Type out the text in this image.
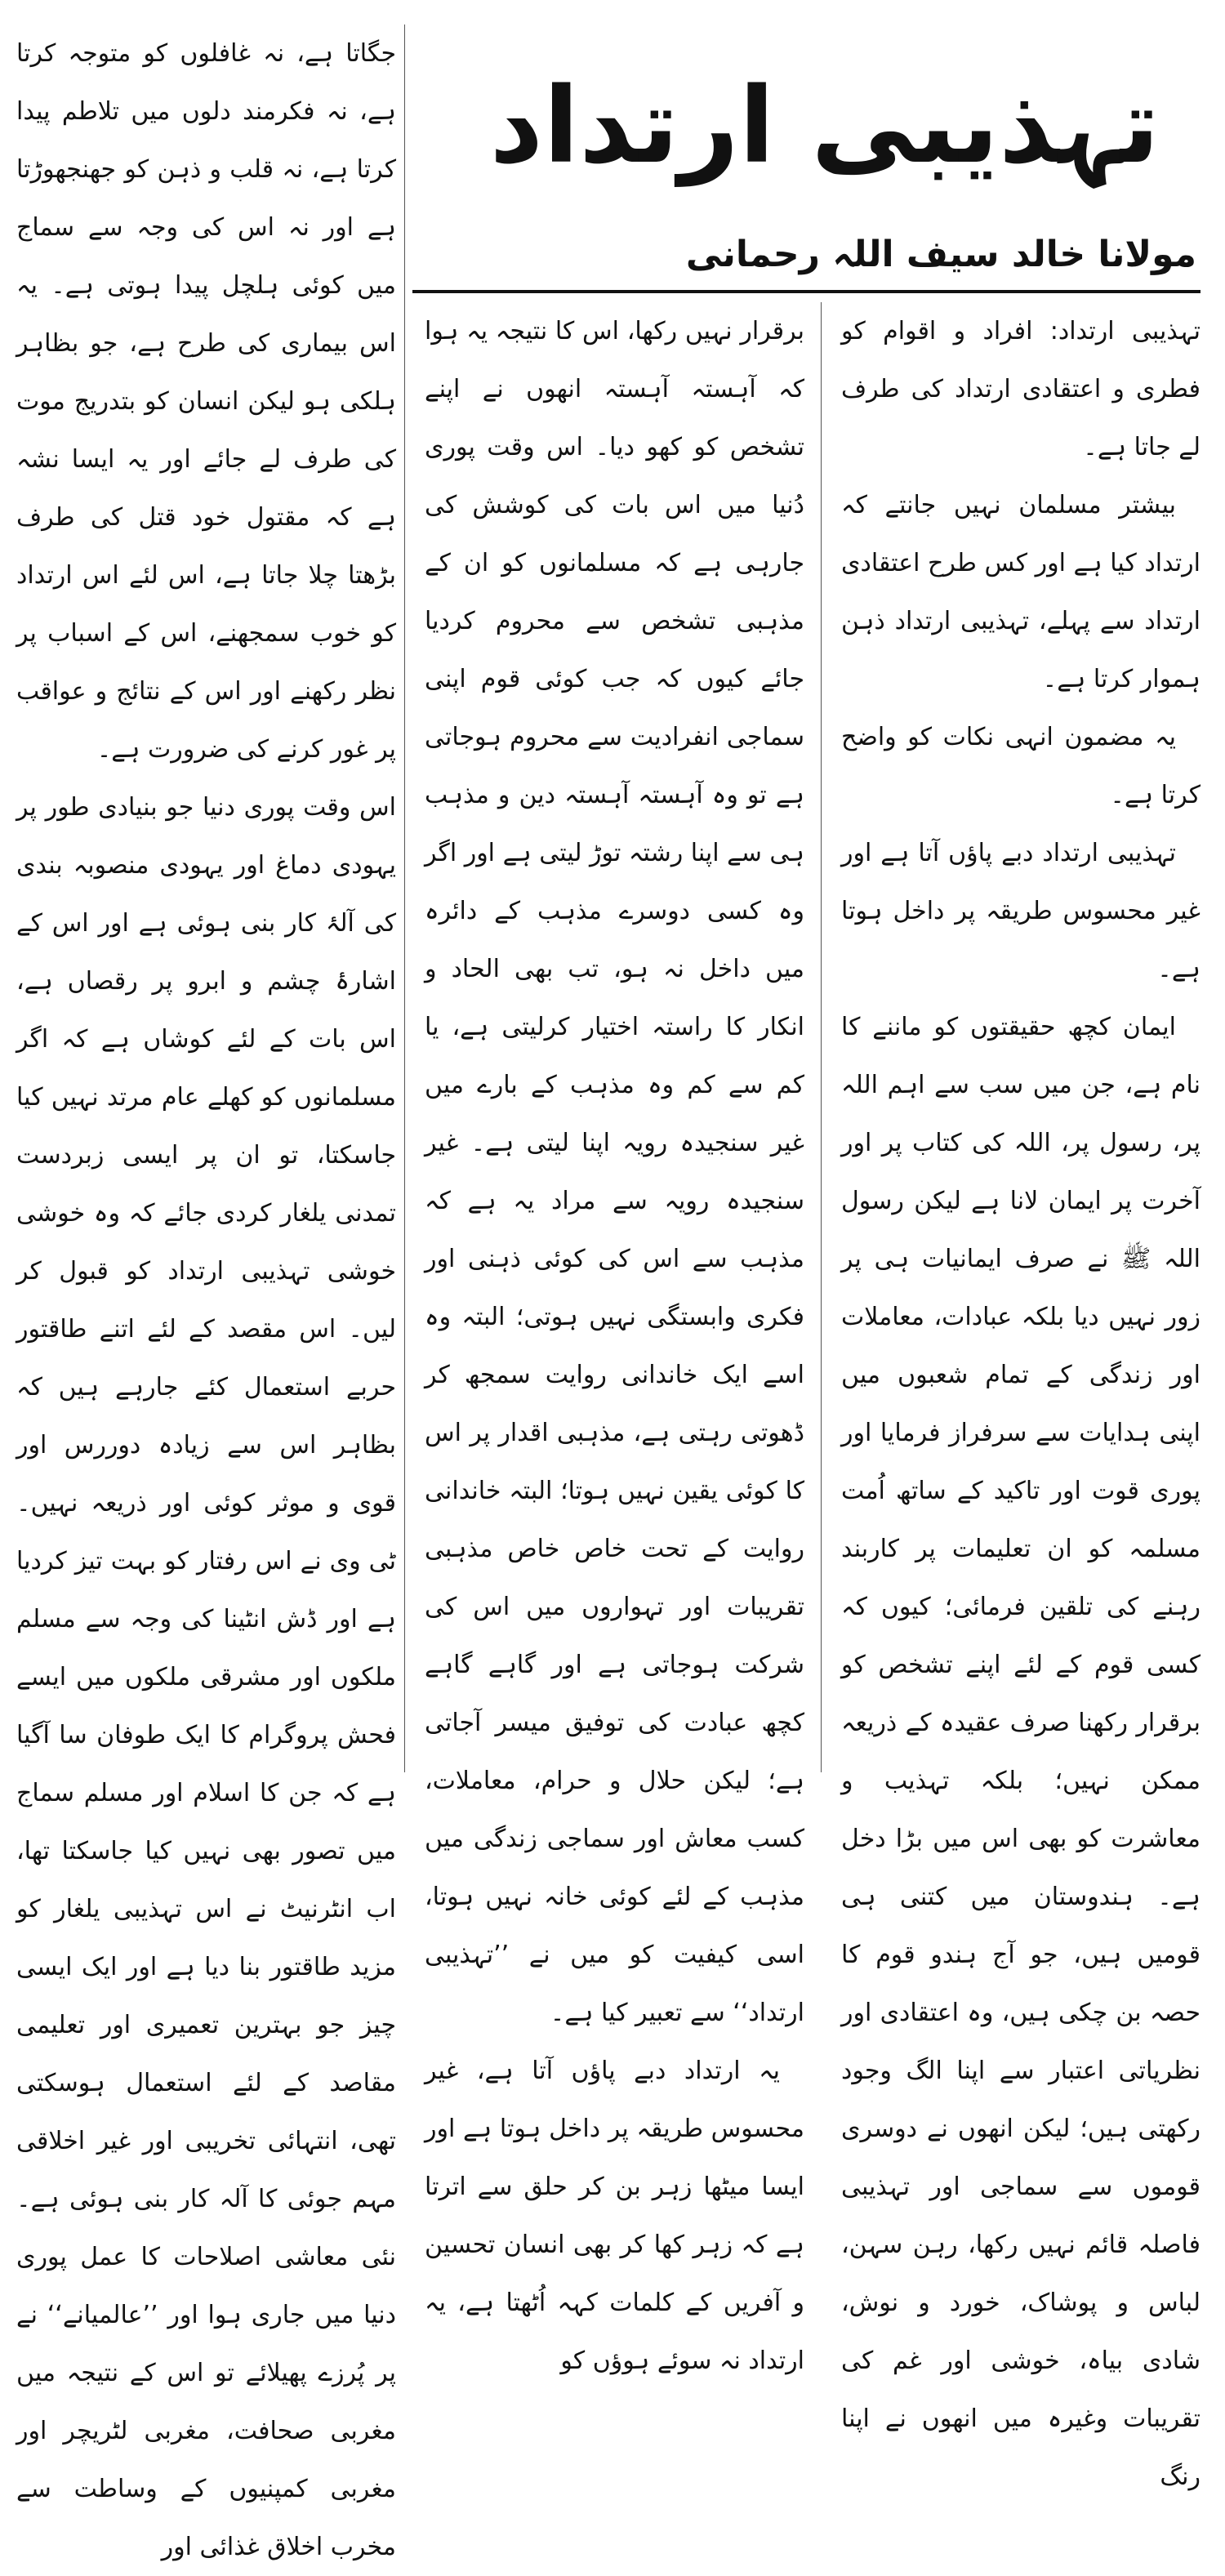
تہذیبی ارتداد
مولانا خالد سیف اللہ رحمانی

تہذیبی ارتداد: افراد و اقوام کو فطری و اعتقادی ارتداد کی طرف لے جاتا ہے۔

بیشتر مسلمان نہیں جانتے کہ ارتداد کیا ہے اور کس طرح اعتقادی ارتداد سے پہلے، تہذیبی ارتداد ذہن ہموار کرتا ہے۔

یہ مضمون انہی نکات کو واضح کرتا ہے۔

تہذیبی ارتداد دبے پاؤں آتا ہے اور غیر محسوس طریقہ پر داخل ہوتا ہے۔

ایمان کچھ حقیقتوں کو ماننے کا نام ہے، جن میں سب سے اہم اللہ پر، رسول پر، اللہ کی کتاب پر اور آخرت پر ایمان لانا ہے لیکن رسول اللہ ﷺ نے صرف ایمانیات ہی پر زور نہیں دیا بلکہ عبادات، معاملات اور زندگی کے تمام شعبوں میں اپنی ہدایات سے سرفراز فرمایا اور پوری قوت اور تاکید کے ساتھ اُمت مسلمہ کو ان تعلیمات پر کاربند رہنے کی تلقین فرمائی؛ کیوں کہ کسی قوم کے لئے اپنے تشخص کو برقرار رکھنا صرف عقیدہ کے ذریعہ ممکن نہیں؛ بلکہ تہذیب و معاشرت کو بھی اس میں بڑا دخل ہے۔ ہندوستان میں کتنی ہی قومیں ہیں، جو آج ہندو قوم کا حصہ بن چکی ہیں، وہ اعتقادی اور نظریاتی اعتبار سے اپنا الگ وجود رکھتی ہیں؛ لیکن انھوں نے دوسری قوموں سے سماجی اور تہذیبی فاصلہ قائم نہیں رکھا، رہن سہن، لباس و پوشاک، خورد و نوش، شادی بیاہ، خوشی اور غم کی تقریبات وغیرہ میں انھوں نے اپنا رنگ

برقرار نہیں رکھا، اس کا نتیجہ یہ ہوا کہ آہستہ آہستہ انھوں نے اپنے تشخص کو کھو دیا۔ اس وقت پوری دُنیا میں اس بات کی کوشش کی جارہی ہے کہ مسلمانوں کو ان کے مذہبی تشخص سے محروم کردیا جائے کیوں کہ جب کوئی قوم اپنی سماجی انفرادیت سے محروم ہوجاتی ہے تو وہ آہستہ آہستہ دین و مذہب ہی سے اپنا رشتہ توڑ لیتی ہے اور اگر وہ کسی دوسرے مذہب کے دائرہ میں داخل نہ ہو، تب بھی الحاد و انکار کا راستہ اختیار کرلیتی ہے، یا کم سے کم وہ مذہب کے بارے میں غیر سنجیدہ رویہ اپنا لیتی ہے۔ غیر سنجیدہ رویہ سے مراد یہ ہے کہ مذہب سے اس کی کوئی ذہنی اور فکری وابستگی نہیں ہوتی؛ البتہ وہ اسے ایک خاندانی روایت سمجھ کر ڈھوتی رہتی ہے، مذہبی اقدار پر اس کا کوئی یقین نہیں ہوتا؛ البتہ خاندانی روایت کے تحت خاص خاص مذہبی تقریبات اور تہواروں میں اس کی شرکت ہوجاتی ہے اور گاہے گاہے کچھ عبادت کی توفیق میسر آجاتی ہے؛ لیکن حلال و حرام، معاملات، کسب معاش اور سماجی زندگی میں مذہب کے لئے کوئی خانہ نہیں ہوتا، اسی کیفیت کو میں نے ’’تہذیبی ارتداد‘‘ سے تعبیر کیا ہے۔

یہ ارتداد دبے پاؤں آتا ہے، غیر محسوس طریقہ پر داخل ہوتا ہے اور ایسا میٹھا زہر بن کر حلق سے اترتا ہے کہ زہر کھا کر بھی انسان تحسین و آفریں کے کلمات کہہ اُٹھتا ہے، یہ ارتداد نہ سوئے ہوؤں کو

جگاتا ہے، نہ غافلوں کو متوجہ کرتا ہے، نہ فکرمند دلوں میں تلاطم پیدا کرتا ہے، نہ قلب و ذہن کو جھنجھوڑتا ہے اور نہ اس کی وجہ سے سماج میں کوئی ہلچل پیدا ہوتی ہے۔ یہ اس بیماری کی طرح ہے، جو بظاہر ہلکی ہو لیکن انسان کو بتدریج موت کی طرف لے جائے اور یہ ایسا نشہ ہے کہ مقتول خود قتل کی طرف بڑھتا چلا جاتا ہے، اس لئے اس ارتداد کو خوب سمجھنے، اس کے اسباب پر نظر رکھنے اور اس کے نتائج و عواقب پر غور کرنے کی ضرورت ہے۔

اس وقت پوری دنیا جو بنیادی طور پر یہودی دماغ اور یہودی منصوبہ بندی کی آلۂ کار بنی ہوئی ہے اور اس کے اشارۂ چشم و ابرو پر رقصاں ہے، اس بات کے لئے کوشاں ہے کہ اگر مسلمانوں کو کھلے عام مرتد نہیں کیا جاسکتا، تو ان پر ایسی زبردست تمدنی یلغار کردی جائے کہ وہ خوشی خوشی تہذیبی ارتداد کو قبول کر لیں۔ اس مقصد کے لئے اتنے طاقتور حربے استعمال کئے جارہے ہیں کہ بظاہر اس سے زیادہ دوررس اور قوی و موثر کوئی اور ذریعہ نہیں۔ ٹی وی نے اس رفتار کو بہت تیز کردیا ہے اور ڈش انٹینا کی وجہ سے مسلم ملکوں اور مشرقی ملکوں میں ایسے فحش پروگرام کا ایک طوفان سا آگیا ہے کہ جن کا اسلام اور مسلم سماج میں تصور بھی نہیں کیا جاسکتا تھا، اب انٹرنیٹ نے اس تہذیبی یلغار کو مزید طاقتور بنا دیا ہے اور ایک ایسی چیز جو بہترین تعمیری اور تعلیمی مقاصد کے لئے استعمال ہوسکتی تھی، انتہائی تخریبی اور غیر اخلاقی مہم جوئی کا آلہ کار بنی ہوئی ہے۔ نئی معاشی اصلاحات کا عمل پوری دنیا میں جاری ہوا اور ’’عالمیانے‘‘ نے پر پُرزے پھیلائے تو اس کے نتیجہ میں مغربی صحافت، مغربی لٹریچر اور مغربی کمپنیوں کے وساطت سے مخرب اخلاق غذائی اور
